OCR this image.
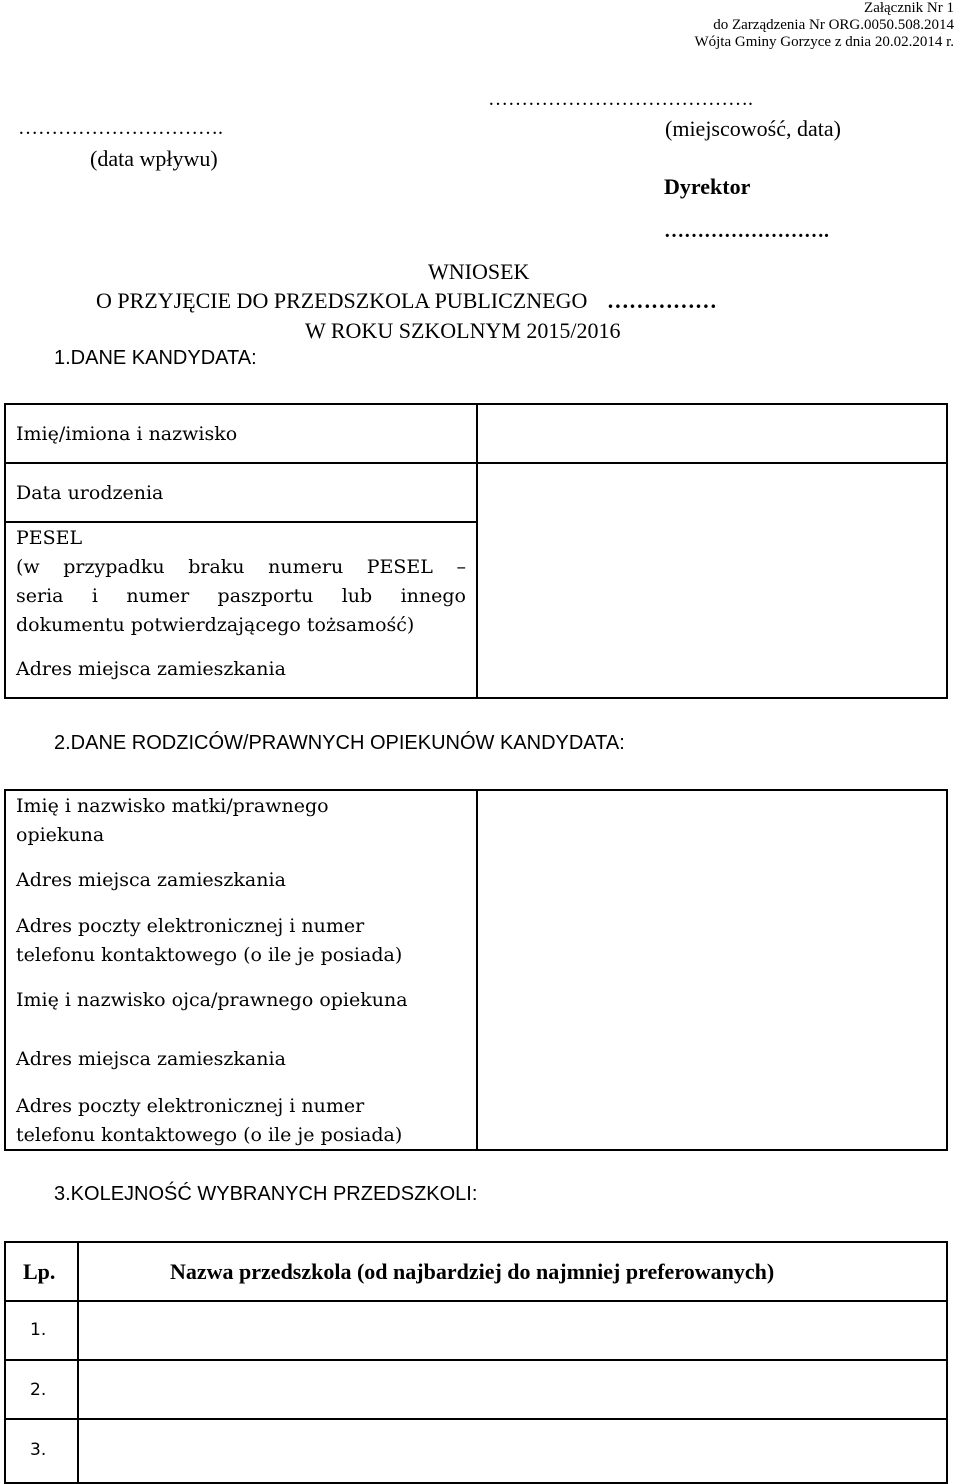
Załącznik Nr 1
do Zarządzenia Nr ORG.0050.508.2014
Wójta Gminy Gorzyce z dnia 20.02.2014 r.
………………………………….
(miejscowość, data)
………………………….
(data wpływu)
Dyrektor
…………………….
WNIOSEK
O PRZYJĘCIE DO PRZEDSZKOLA PUBLICZNEGO ……………
W ROKU SZKOLNYM 2015/2016
1.DANE KANDYDATA:
Imię/imiona i nazwisko
Data urodzenia
PESEL
(w przypadku braku numeru PESEL –
seria i numer paszportu lub innego
dokumentu potwierdzającego tożsamość)
Adres miejsca zamieszkania
2.DANE RODZICÓW/PRAWNYCH OPIEKUNÓW KANDYDATA:
Imię i nazwisko matki/prawnego
opiekuna
Adres miejsca zamieszkania
Adres poczty elektronicznej i numer
telefonu kontaktowego (o ile je posiada)
Imię i nazwisko ojca/prawnego opiekuna
Adres miejsca zamieszkania
Adres poczty elektronicznej i numer
telefonu kontaktowego (o ile je posiada)
3.KOLEJNOŚĆ WYBRANYCH PRZEDSZKOLI:
Lp.	Nazwa przedszkola (od najbardziej do najmniej preferowanych)
1.
2.
3.
